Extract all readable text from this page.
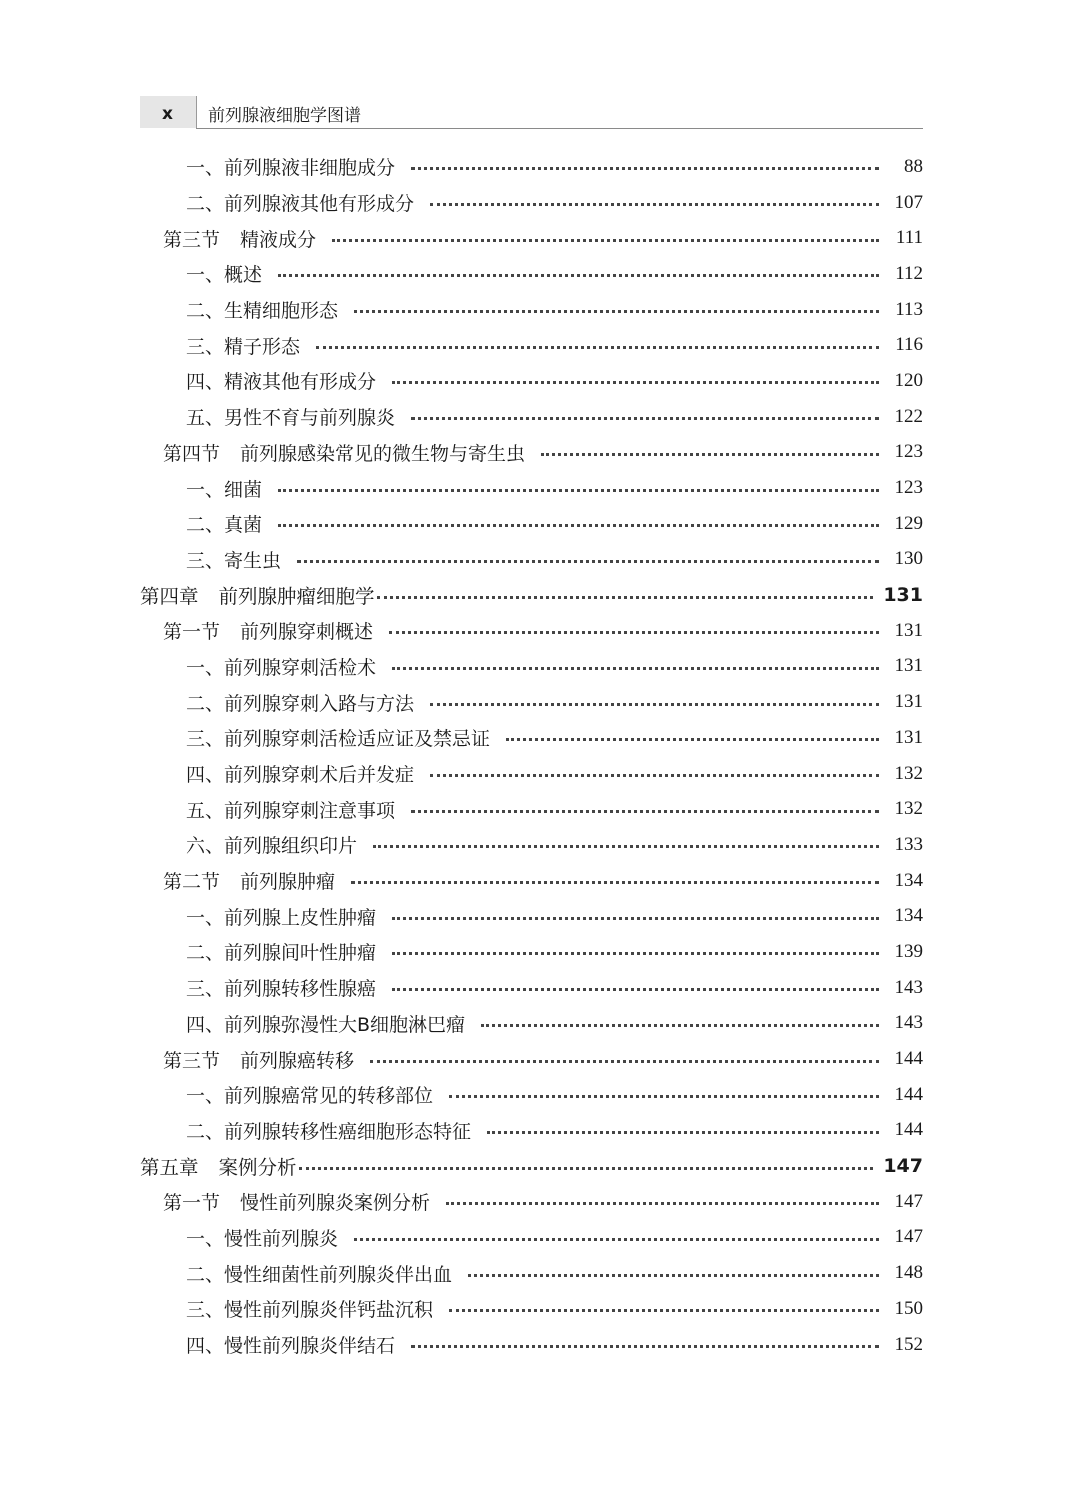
x	前列腺液细胞学图谱
一、前列腺液非细胞成分	88
二、前列腺液其他有形成分	107
第三节 精液成分	111
一、概述	112
二、生精细胞形态	113
三、精子形态	116
四、精液其他有形成分	120
五、男性不育与前列腺炎	122
第四节 前列腺感染常见的微生物与寄生虫	123
一、细菌	123
二、真菌	129
三、寄生虫	130
第四章 前列腺肿瘤细胞学	131
第一节 前列腺穿刺概述	131
一、前列腺穿刺活检术	131
二、前列腺穿刺入路与方法	131
三、前列腺穿刺活检适应证及禁忌证	131
四、前列腺穿刺术后并发症	132
五、前列腺穿刺注意事项	132
六、前列腺组织印片	133
第二节 前列腺肿瘤	134
一、前列腺上皮性肿瘤	134
二、前列腺间叶性肿瘤	139
三、前列腺转移性腺癌	143
四、前列腺弥漫性大B细胞淋巴瘤	143
第三节 前列腺癌转移	144
一、前列腺癌常见的转移部位	144
二、前列腺转移性癌细胞形态特征	144
第五章 案例分析	147
第一节 慢性前列腺炎案例分析	147
一、慢性前列腺炎	147
二、慢性细菌性前列腺炎伴出血	148
三、慢性前列腺炎伴钙盐沉积	150
四、慢性前列腺炎伴结石	152
